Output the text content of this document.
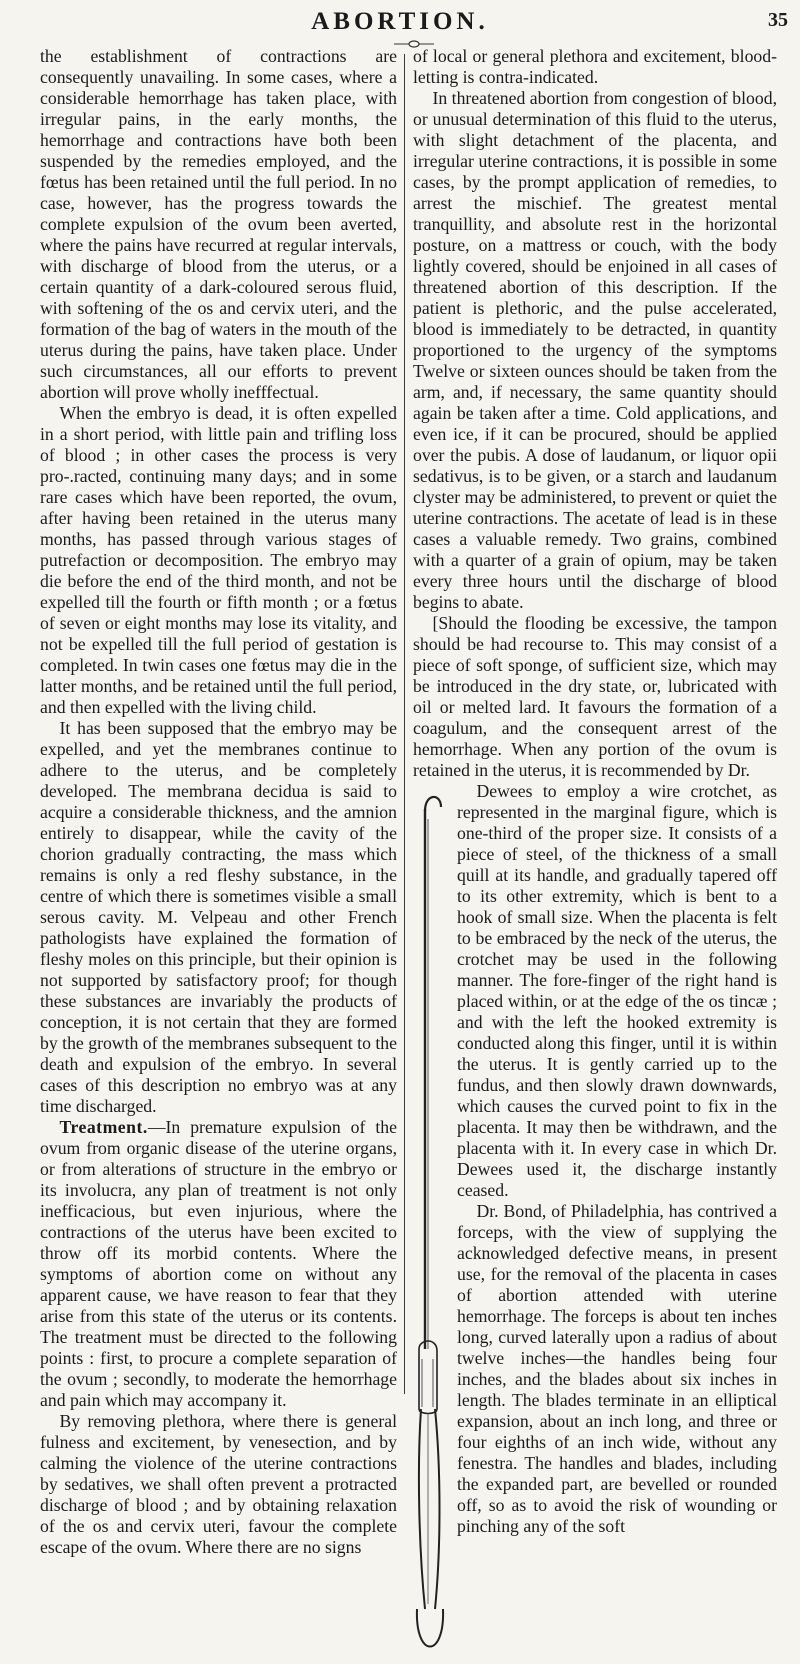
ABORTION.	35

the establishment of contractions are consequently unavailing. In some cases, where a considerable hemorrhage has taken place, with irregular pains, in the early months, the hemorrhage and contractions have both been suspended by the remedies employed, and the fœtus has been retained until the full period. In no case, however, has the progress towards the complete expulsion of the ovum been averted, where the pains have recurred at regular intervals, with discharge of blood from the uterus, or a certain quantity of a dark-coloured serous fluid, with softening of the os and cervix uteri, and the formation of the bag of waters in the mouth of the uterus during the pains, have taken place. Under such circumstances, all our efforts to prevent abortion will prove wholly inefffectual.

When the embryo is dead, it is often expelled in a short period, with little pain and trifling loss of blood ; in other cases the process is very pro-.racted, continuing many days; and in some rare cases which have been reported, the ovum, after having been retained in the uterus many months, has passed through various stages of putrefaction or decomposition. The embryo may die before the end of the third month, and not be expelled till the fourth or fifth month ; or a fœtus of seven or eight months may lose its vitality, and not be expelled till the full period of gestation is completed. In twin cases one fœtus may die in the latter months, and be retained until the full period, and then expelled with the living child.

It has been supposed that the embryo may be expelled, and yet the membranes continue to adhere to the uterus, and be completely developed. The membrana decidua is said to acquire a considerable thickness, and the amnion entirely to disappear, while the cavity of the chorion gradually contracting, the mass which remains is only a red fleshy substance, in the centre of which there is sometimes visible a small serous cavity. M. Velpeau and other French pathologists have explained the formation of fleshy moles on this principle, but their opinion is not supported by satisfactory proof; for though these substances are invariably the products of conception, it is not certain that they are formed by the growth of the membranes subsequent to the death and expulsion of the embryo. In several cases of this description no embryo was at any time discharged.

Treatment.—In premature expulsion of the ovum from organic disease of the uterine organs, or from alterations of structure in the embryo or its involucra, any plan of treatment is not only inefficacious, but even injurious, where the contractions of the uterus have been excited to throw off its morbid contents. Where the symptoms of abortion come on without any apparent cause, we have reason to fear that they arise from this state of the uterus or its contents. The treatment must be directed to the following points : first, to procure a complete separation of the ovum ; secondly, to moderate the hemorrhage and pain which may accompany it.

By removing plethora, where there is general fulness and excitement, by venesection, and by calming the violence of the uterine contractions by sedatives, we shall often prevent a protracted discharge of blood ; and by obtaining relaxation of the os and cervix uteri, favour the complete escape of the ovum. Where there are no signs

of local or general plethora and excitement, blood-letting is contra-indicated.

In threatened abortion from congestion of blood, or unusual determination of this fluid to the uterus, with slight detachment of the placenta, and irregular uterine contractions, it is possible in some cases, by the prompt application of remedies, to arrest the mischief. The greatest mental tranquillity, and absolute rest in the horizontal posture, on a mattress or couch, with the body lightly covered, should be enjoined in all cases of threatened abortion of this description. If the patient is plethoric, and the pulse accelerated, blood is immediately to be detracted, in quantity proportioned to the urgency of the symptoms Twelve or sixteen ounces should be taken from the arm, and, if necessary, the same quantity should again be taken after a time. Cold applications, and even ice, if it can be procured, should be applied over the pubis. A dose of laudanum, or liquor opii sedativus, is to be given, or a starch and laudanum clyster may be administered, to prevent or quiet the uterine contractions. The acetate of lead is in these cases a valuable remedy. Two grains, combined with a quarter of a grain of opium, may be taken every three hours until the discharge of blood begins to abate.

[Should the flooding be excessive, the tampon should be had recourse to. This may consist of a piece of soft sponge, of sufficient size, which may be introduced in the dry state, or, lubricated with oil or melted lard. It favours the formation of a coagulum, and the consequent arrest of the hemorrhage. When any portion of the ovum is retained in the uterus, it is recommended by Dr.

Dewees to employ a wire crotchet, as represented in the marginal figure, which is one-third of the proper size. It consists of a piece of steel, of the thickness of a small quill at its handle, and gradually tapered off to its other extremity, which is bent to a hook of small size. When the placenta is felt to be embraced by the neck of the uterus, the crotchet may be used in the following manner. The fore-finger of the right hand is placed within, or at the edge of the os tincæ ; and with the left the hooked extremity is conducted along this finger, until it is within the uterus. It is gently carried up to the fundus, and then slowly drawn downwards, which causes the curved point to fix in the placenta. It may then be withdrawn, and the placenta with it. In every case in which Dr. Dewees used it, the discharge instantly ceased.

Dr. Bond, of Philadelphia, has contrived a forceps, with the view of supplying the acknowledged defective means, in present use, for the removal of the placenta in cases of abortion attended with uterine hemorrhage. The forceps is about ten inches long, curved laterally upon a radius of about twelve inches—the handles being four inches, and the blades about six inches in length. The blades terminate in an elliptical expansion, about an inch long, and three or four eighths of an inch wide, without any fenestra. The handles and blades, including the expanded part, are bevelled or rounded off, so as to avoid the risk of wounding or pinching any of the soft
